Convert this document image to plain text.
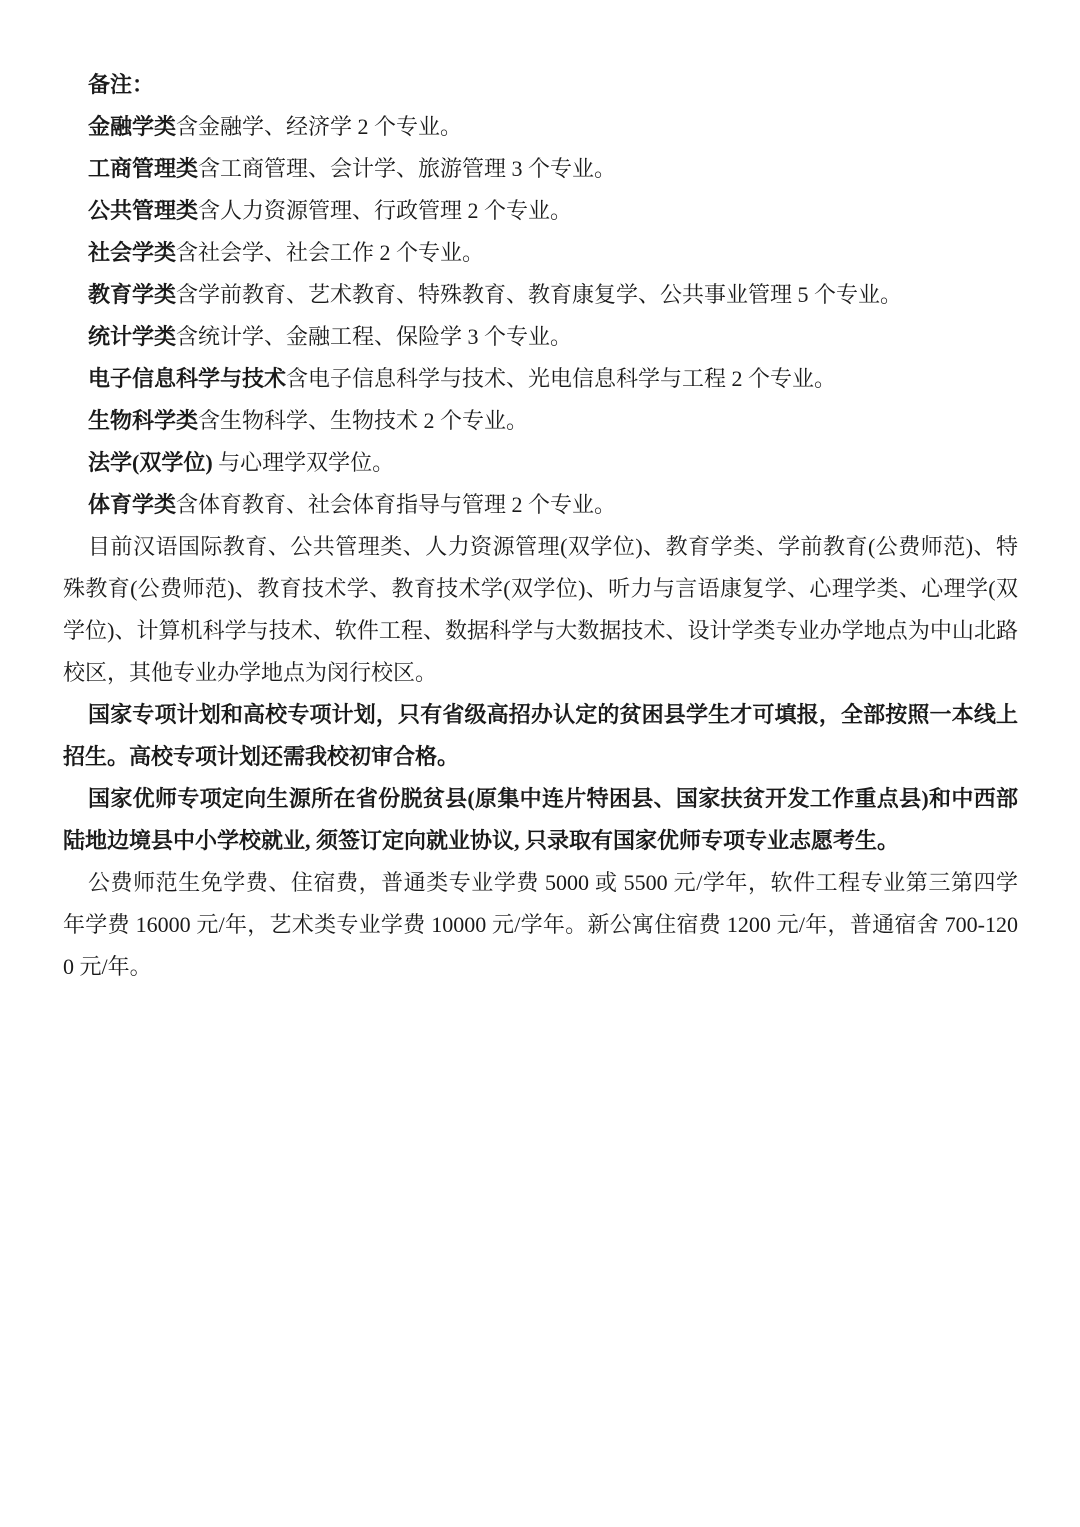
备注：

金融学类含金融学、经济学 2 个专业。

工商管理类含工商管理、会计学、旅游管理 3 个专业。

公共管理类含人力资源管理、行政管理 2 个专业。

社会学类含社会学、社会工作 2 个专业。

教育学类含学前教育、艺术教育、特殊教育、教育康复学、公共事业管理 5 个专业。

统计学类含统计学、金融工程、保险学 3 个专业。

电子信息科学与技术含电子信息科学与技术、光电信息科学与工程 2 个专业。

生物科学类含生物科学、生物技术 2 个专业。

法学(双学位) 与心理学双学位。

体育学类含体育教育、社会体育指导与管理 2 个专业。

目前汉语国际教育、公共管理类、人力资源管理(双学位)、教育学类、学前教育(公费师范)、特殊教育(公费师范)、教育技术学、教育技术学(双学位)、听力与言语康复学、心理学类、心理学(双学位)、计算机科学与技术、软件工程、数据科学与大数据技术、设计学类专业办学地点为中山北路校区，其他专业办学地点为闵行校区。

国家专项计划和高校专项计划，只有省级高招办认定的贫困县学生才可填报，全部按照一本线上招生。高校专项计划还需我校初审合格。

国家优师专项定向生源所在省份脱贫县(原集中连片特困县、国家扶贫开发工作重点县)和中西部陆地边境县中小学校就业, 须签订定向就业协议, 只录取有国家优师专项专业志愿考生。

公费师范生免学费、住宿费，普通类专业学费 5000 或 5500 元/学年，软件工程专业第三第四学年学费 16000 元/年，艺术类专业学费 10000 元/学年。新公寓住宿费 1200 元/年，普通宿舍 700-1200 元/年。
